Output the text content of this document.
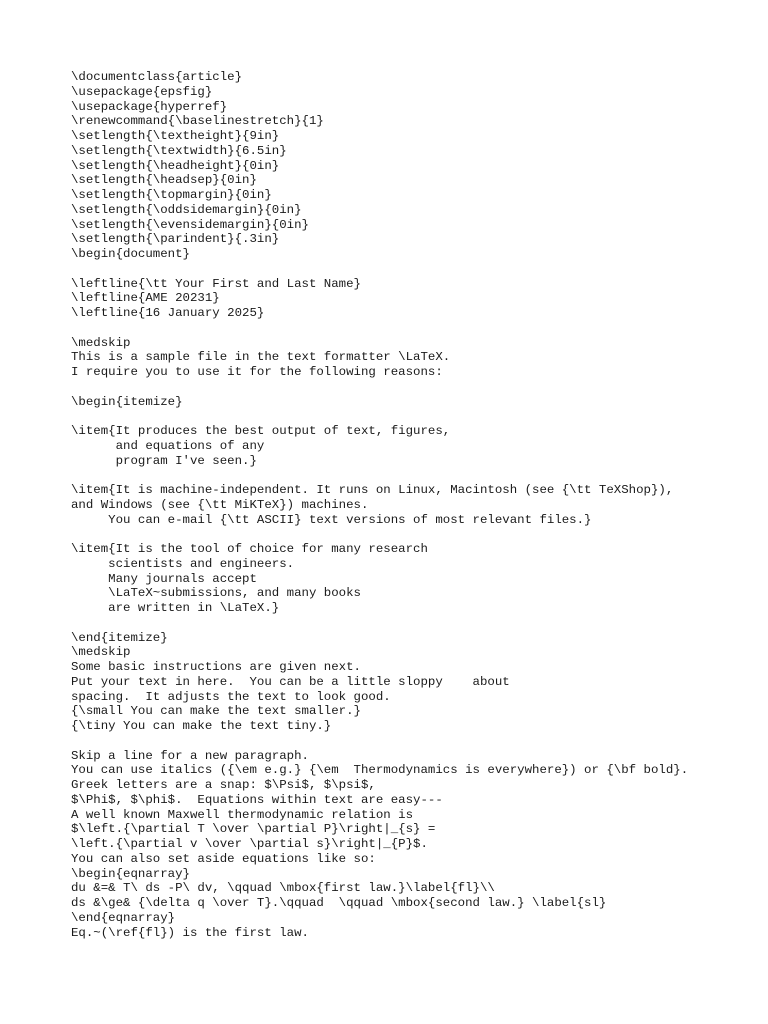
\documentclass{article}
\usepackage{epsfig}
\usepackage{hyperref}
\renewcommand{\baselinestretch}{1}
\setlength{\textheight}{9in}
\setlength{\textwidth}{6.5in}
\setlength{\headheight}{0in}
\setlength{\headsep}{0in}
\setlength{\topmargin}{0in}
\setlength{\oddsidemargin}{0in}
\setlength{\evensidemargin}{0in}
\setlength{\parindent}{.3in}
\begin{document}
\leftline{\tt Your First and Last Name}
\leftline{AME 20231}
\leftline{16 January 2025}
\medskip
This is a sample file in the text formatter \LaTeX.
I require you to use it for the following reasons:
\begin{itemize}
\item{It produces the best output of text, figures,
and equations of any
program I've seen.}
\item{It is machine-independent. It runs on Linux, Macintosh (see {\tt TeXShop}),
and Windows (see {\tt MiKTeX}) machines.
You can e-mail {\tt ASCII} text versions of most relevant files.}
\item{It is the tool of choice for many research
scientists and engineers.
Many journals accept
\LaTeX~submissions, and many books
are written in \LaTeX.}
\end{itemize}
\medskip
Some basic instructions are given next.
Put your text in here.  You can be a little sloppy    about
spacing.  It adjusts the text to look good.
{\small You can make the text smaller.}
{\tiny You can make the text tiny.}
Skip a line for a new paragraph.
You can use italics ({\em e.g.} {\em  Thermodynamics is everywhere}) or {\bf bold}.
Greek letters are a snap: $\Psi$, $\psi$,
$\Phi$, $\phi$.  Equations within text are easy---
A well known Maxwell thermodynamic relation is
$\left.{\partial T \over \partial P}\right|_{s} =
\left.{\partial v \over \partial s}\right|_{P}$.
You can also set aside equations like so:
\begin{eqnarray}
du &=& T\ ds -P\ dv, \qquad \mbox{first law.}\label{fl}\\
ds &\ge& {\delta q \over T}.\qquad  \qquad \mbox{second law.} \label{sl}
\end{eqnarray}
Eq.~(\ref{fl}) is the first law.
